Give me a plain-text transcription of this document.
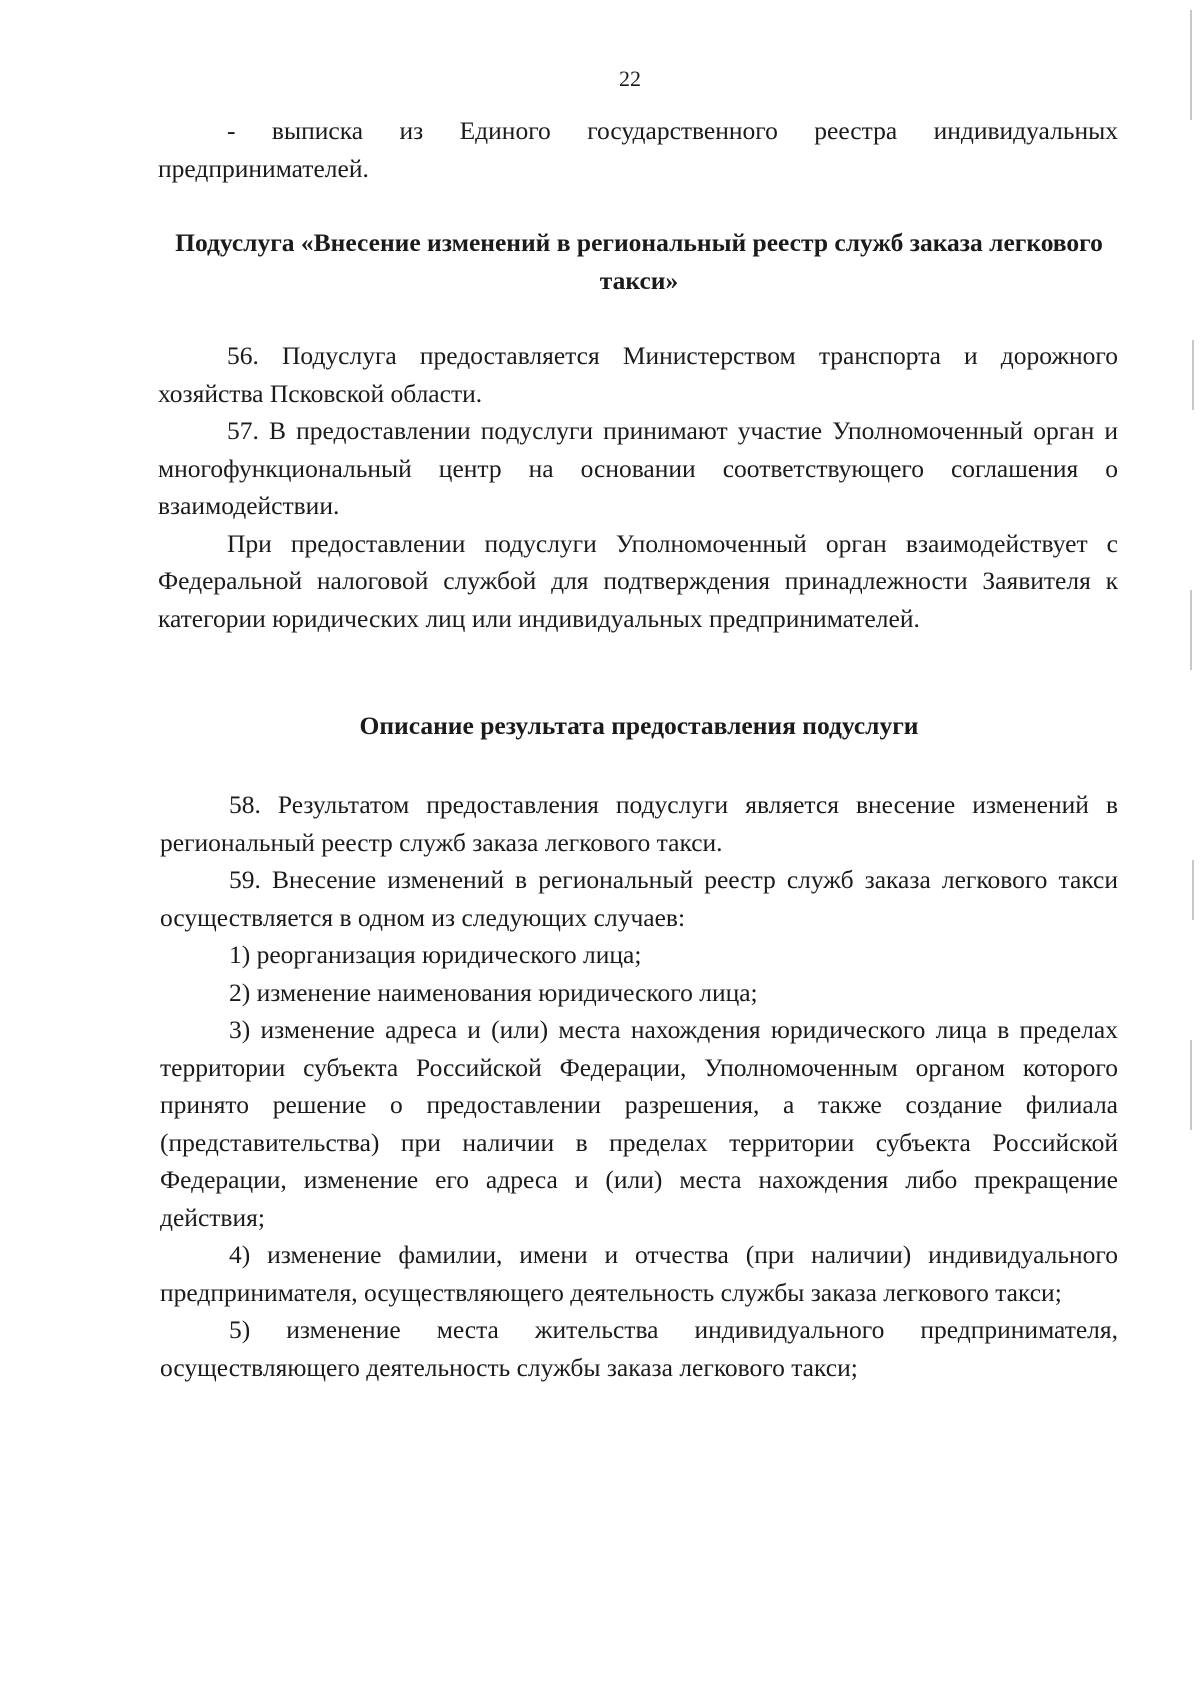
22

- выписка из Единого государственного реестра индивидуальных предпринимателей.

Подуслуга «Внесение изменений в региональный реестр служб заказа легкового такси»

56. Подуслуга предоставляется Министерством транспорта и дорожного хозяйства Псковской области.

57. В предоставлении подуслуги принимают участие Уполномоченный орган и многофункциональный центр на основании соответствующего соглашения о взаимодействии.

При предоставлении подуслуги Уполномоченный орган взаимодействует с Федеральной налоговой службой для подтверждения принадлежности Заявителя к категории юридических лиц или индивидуальных предпринимателей.

Описание результата предоставления подуслуги

58. Результатом предоставления подуслуги является внесение изменений в региональный реестр служб заказа легкового такси.

59. Внесение изменений в региональный реестр служб заказа легкового такси осуществляется в одном из следующих случаев:

1) реорганизация юридического лица;

2) изменение наименования юридического лица;

3) изменение адреса и (или) места нахождения юридического лица в пределах территории субъекта Российской Федерации, Уполномоченным органом которого принято решение о предоставлении разрешения, а также создание филиала (представительства) при наличии в пределах территории субъекта Российской Федерации, изменение его адреса и (или) места нахождения либо прекращение действия;

4) изменение фамилии, имени и отчества (при наличии) индивидуального предпринимателя, осуществляющего деятельность службы заказа легкового такси;

5) изменение места жительства индивидуального предпринимателя, осуществляющего деятельность службы заказа легкового такси;
